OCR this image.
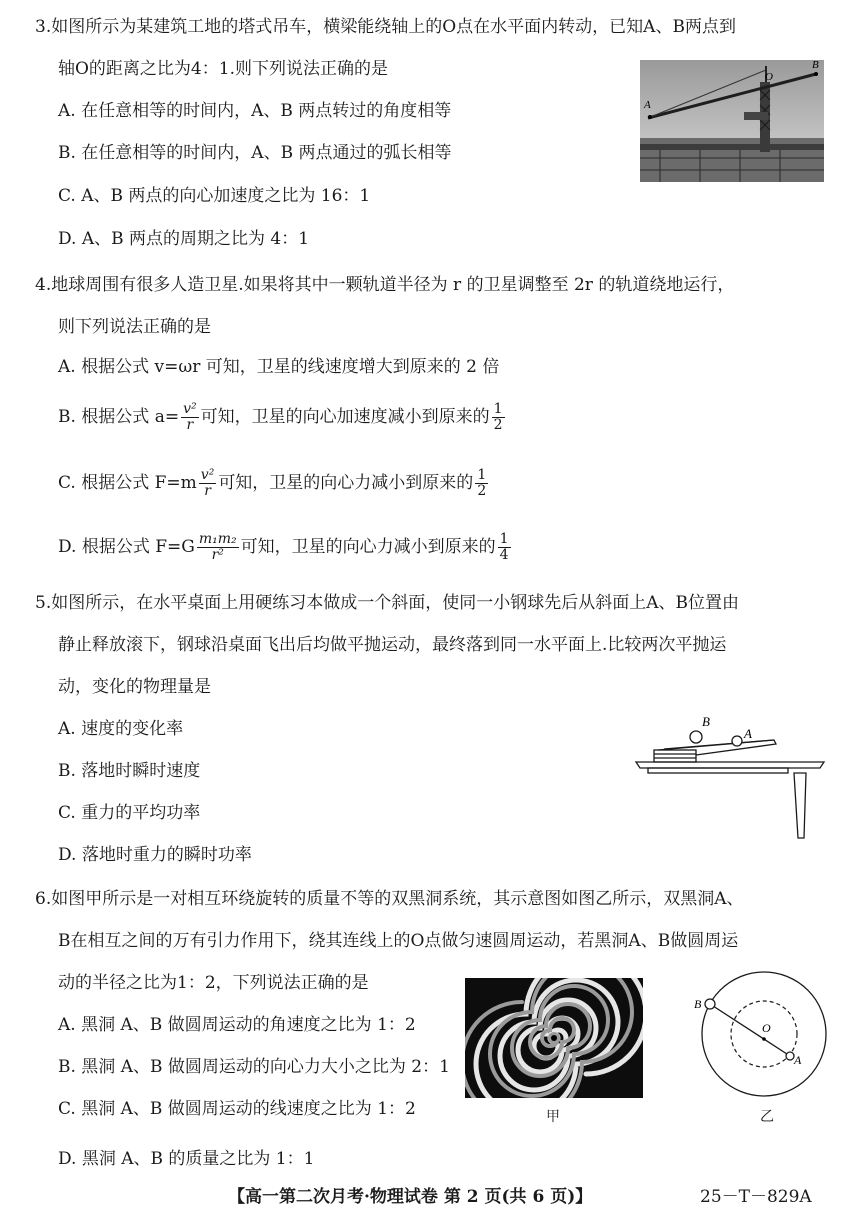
3.如图所示为某建筑工地的塔式吊车，横梁能绕轴上的O点在水平面内转动，已知A、B两点到
轴O的距离之比为4：1.则下列说法正确的是
A. 在任意相等的时间内，A、B 两点转过的角度相等
B. 在任意相等的时间内，A、B 两点通过的弧长相等
C. A、B 两点的向心加速度之比为 16：1
D. A、B 两点的周期之比为 4：1
A
O
B
4.地球周围有很多人造卫星.如果将其中一颗轨道半径为 r 的卫星调整至 2r 的轨道绕地运行，
则下列说法正确的是
A. 根据公式 v=ωr 可知，卫星的线速度增大到原来的 2 倍
B. 根据公式 $a= \frac{\text{v²}}{r}$ 可知，卫星的向心加速度减小到原来的 $\frac{1}{2}$
C. 根据公式 $F=m \frac{\text{v²}}{r}$ 可知，卫星的向心力减小到原来的 $\frac{1}{2}$
D. 根据公式 $F=G \frac{\text{m₁m₂}}{\text{r²}}$ 可知，卫星的向心力减小到原来的 $\frac{1}{4}$
5.如图所示，在水平桌面上用硬练习本做成一个斜面，使同一小钢球先后从斜面上A、B位置由
静止释放滚下，钢球沿桌面飞出后均做平抛运动，最终落到同一水平面上.比较两次平抛运
动，变化的物理量是
A. 速度的变化率
B. 落地时瞬时速度
C. 重力的平均功率
D. 落地时重力的瞬时功率
B
A
6.如图甲所示是一对相互环绕旋转的质量不等的双黑洞系统，其示意图如图乙所示，双黑洞A、
B在相互之间的万有引力作用下，绕其连线上的O点做匀速圆周运动，若黑洞A、B做圆周运
动的半径之比为1：2，下列说法正确的是
A. 黑洞 A、B 做圆周运动的角速度之比为 1：2
B. 黑洞 A、B 做圆周运动的向心力大小之比为 2：1
C. 黑洞 A、B 做圆周运动的线速度之比为 1：2
D. 黑洞 A、B 的质量之比为 1：1
甲
B
O
A
乙
【高一第二次月考·物理试卷 第 2 页(共 6 页)】	25－T－829A
